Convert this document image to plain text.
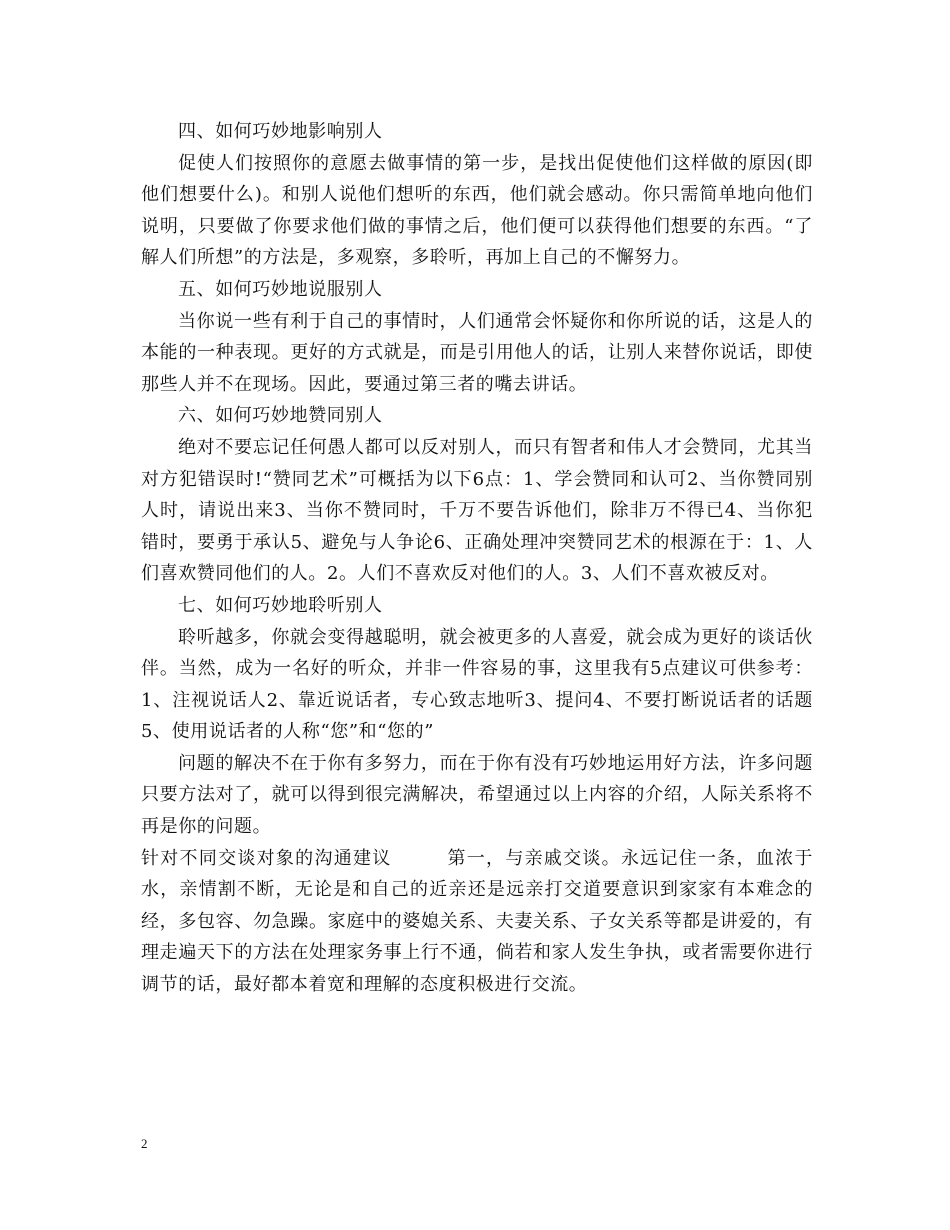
四、如何巧妙地影响别人

促使人们按照你的意愿去做事情的第一步，是找出促使他们这样做的原因(即他们想要什么)。和别人说他们想听的东西，他们就会感动。你只需简单地向他们说明，只要做了你要求他们做的事情之后，他们便可以获得他们想要的东西。“了解人们所想”的方法是，多观察，多聆听，再加上自己的不懈努力。

五、如何巧妙地说服别人

当你说一些有利于自己的事情时，人们通常会怀疑你和你所说的话，这是人的本能的一种表现。更好的方式就是，而是引用他人的话，让别人来替你说话，即使那些人并不在现场。因此，要通过第三者的嘴去讲话。

六、如何巧妙地赞同别人

绝对不要忘记任何愚人都可以反对别人，而只有智者和伟人才会赞同，尤其当对方犯错误时!“赞同艺术”可概括为以下6点：1、学会赞同和认可2、当你赞同别人时，请说出来3、当你不赞同时，千万不要告诉他们，除非万不得已4、当你犯错时，要勇于承认5、避免与人争论6、正确处理冲突赞同艺术的根源在于：1、人们喜欢赞同他们的人。2。人们不喜欢反对他们的人。3、人们不喜欢被反对。

七、如何巧妙地聆听别人

聆听越多，你就会变得越聪明，就会被更多的人喜爱，就会成为更好的谈话伙伴。当然，成为一名好的听众，并非一件容易的事，这里我有5点建议可供参考：1、注视说话人2、靠近说话者，专心致志地听3、提问4、不要打断说话者的话题5、使用说话者的人称“您”和“您的”

问题的解决不在于你有多努力，而在于你有没有巧妙地运用好方法，许多问题只要方法对了，就可以得到很完满解决，希望通过以上内容的介绍，人际关系将不再是你的问题。

针对不同交谈对象的沟通建议	第一，与亲戚交谈。永远记住一条，血浓于水，亲情割不断，无论是和自己的近亲还是远亲打交道要意识到家家有本难念的经，多包容、勿急躁。家庭中的婆媳关系、夫妻关系、子女关系等都是讲爱的，有理走遍天下的方法在处理家务事上行不通，倘若和家人发生争执，或者需要你进行调节的话，最好都本着宽和理解的态度积极进行交流。

2
